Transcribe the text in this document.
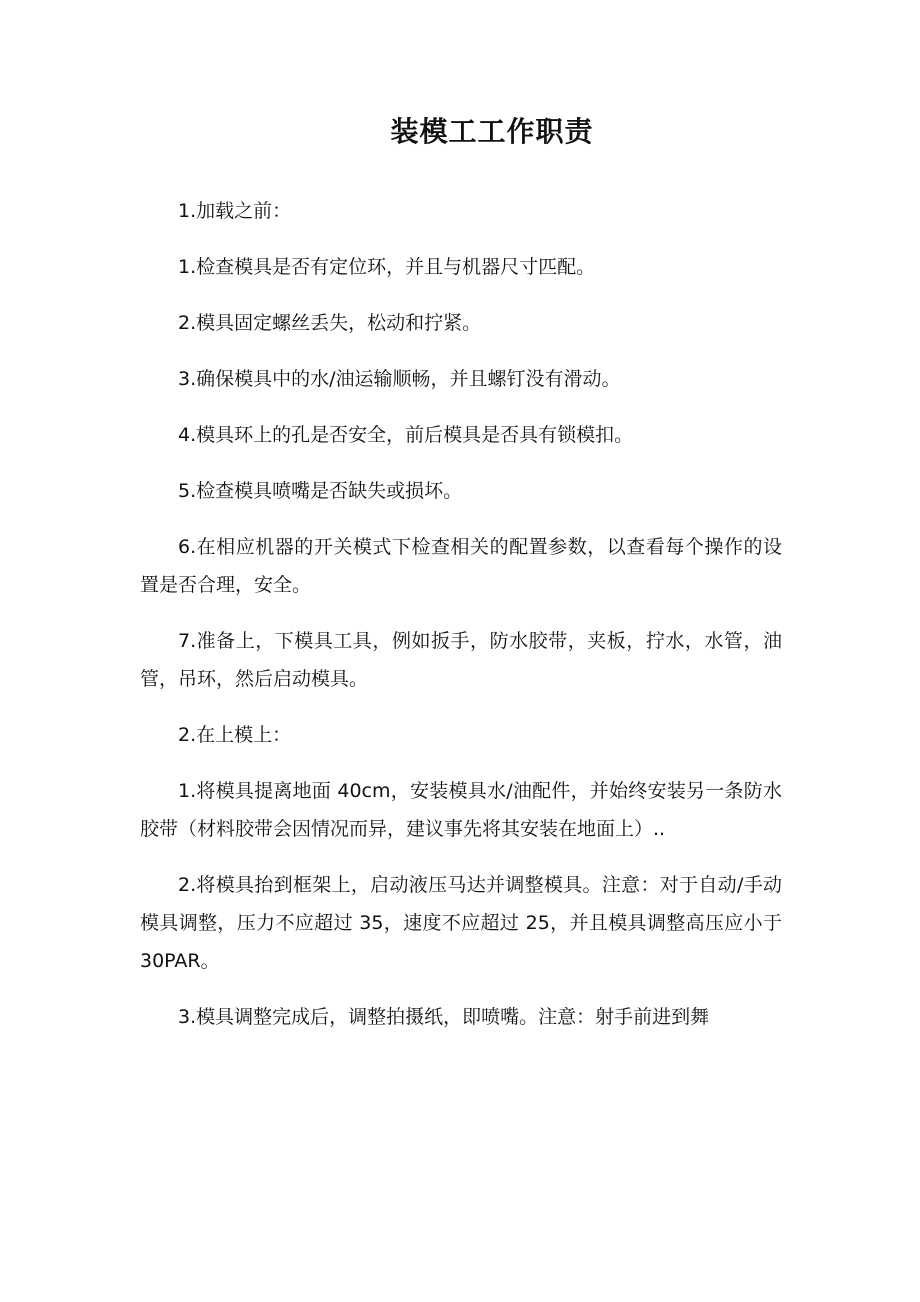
装模工工作职责

1.加载之前：

1.检查模具是否有定位环，并且与机器尺寸匹配。

2.模具固定螺丝丢失，松动和拧紧。

3.确保模具中的水/油运输顺畅，并且螺钉没有滑动。

4.模具环上的孔是否安全，前后模具是否具有锁模扣。

5.检查模具喷嘴是否缺失或损坏。

6.在相应机器的开关模式下检查相关的配置参数，以查看每个操作的设置是否合理，安全。

7.准备上，下模具工具，例如扳手，防水胶带，夹板，拧水，水管，油管，吊环，然后启动模具。

2.在上模上：

1.将模具提离地面 40cm，安装模具水/油配件，并始终安装另一条防水胶带（材料胶带会因情况而异，建议事先将其安装在地面上）..

2.将模具抬到框架上，启动液压马达并调整模具。注意：对于自动/手动模具调整，压力不应超过 35，速度不应超过 25，并且模具调整高压应小于 30PAR。

3.模具调整完成后，调整拍摄纸，即喷嘴。注意：射手前进到舞
